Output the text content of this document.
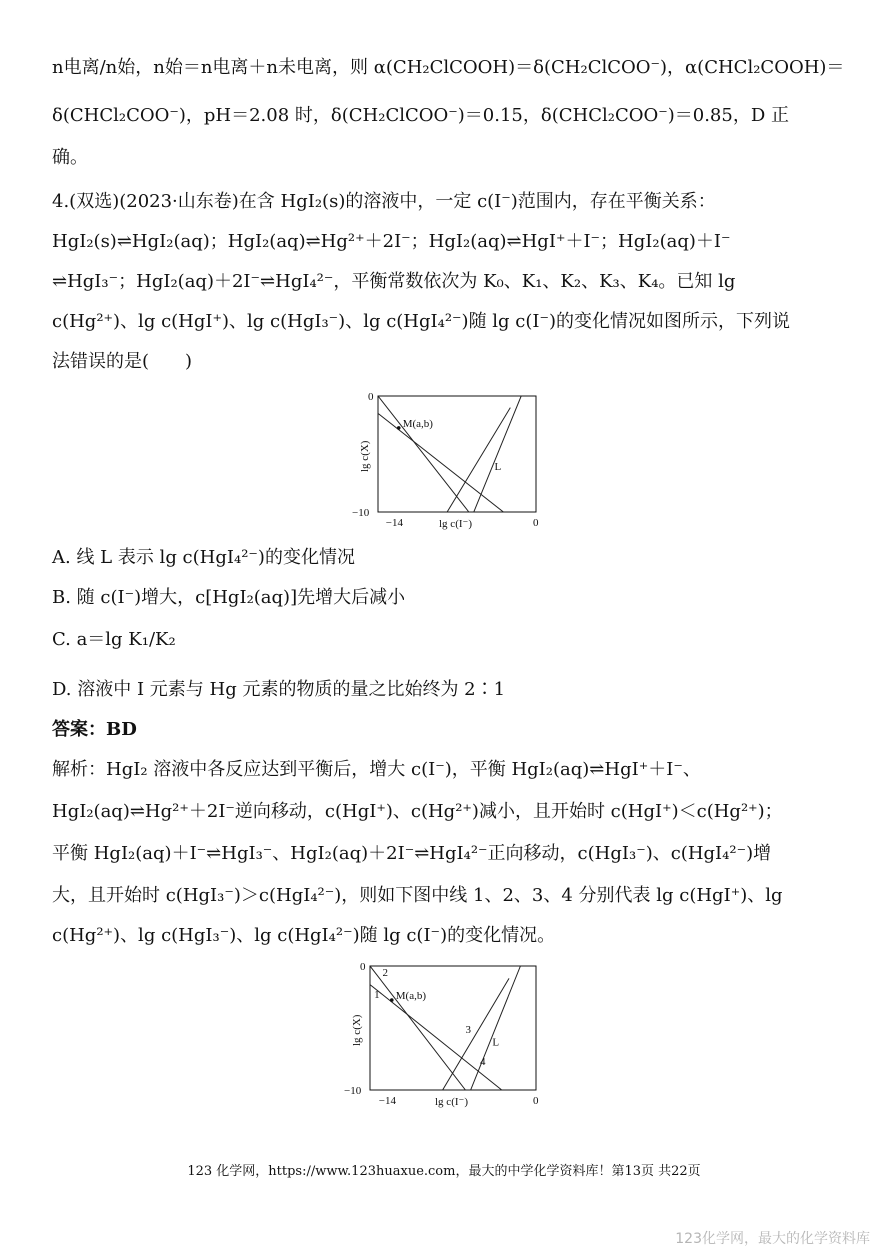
n电离/n始，n始＝n电离＋n未电离，则 α(CH₂ClCOOH)＝δ(CH₂ClCOO⁻)，α(CHCl₂COOH)＝
δ(CHCl₂COO⁻)，pH＝2.08 时，δ(CH₂ClCOO⁻)＝0.15，δ(CHCl₂COO⁻)＝0.85，D 正
确。
4.(双选)(2023·山东卷)在含 HgI₂(s)的溶液中，一定 c(I⁻)范围内，存在平衡关系：
HgI₂(s)⇌HgI₂(aq)；HgI₂(aq)⇌Hg²⁺＋2I⁻；HgI₂(aq)⇌HgI⁺＋I⁻；HgI₂(aq)＋I⁻
⇌HgI₃⁻；HgI₂(aq)＋2I⁻⇌HgI₄²⁻，平衡常数依次为 K₀、K₁、K₂、K₃、K₄。已知 lg
c(Hg²⁺)、lg c(HgI⁺)、lg c(HgI₃⁻)、lg c(HgI₄²⁻)随 lg c(I⁻)的变化情况如图所示，下列说
法错误的是(　　)
M(a,b)
L
0
−10
−14	0
lg c(I⁻)
lg c(X)
A. 线 L 表示 lg c(HgI₄²⁻)的变化情况
B. 随 c(I⁻)增大，c[HgI₂(aq)]先增大后减小
C. a＝lg K₁/K₂
D. 溶液中 I 元素与 Hg 元素的物质的量之比始终为 2∶1
答案：BD
解析：HgI₂ 溶液中各反应达到平衡后，增大 c(I⁻)，平衡 HgI₂(aq)⇌HgI⁺＋I⁻、
HgI₂(aq)⇌Hg²⁺＋2I⁻逆向移动，c(HgI⁺)、c(Hg²⁺)减小，且开始时 c(HgI⁺)＜c(Hg²⁺)；
平衡 HgI₂(aq)＋I⁻⇌HgI₃⁻、HgI₂(aq)＋2I⁻⇌HgI₄²⁻正向移动，c(HgI₃⁻)、c(HgI₄²⁻)增
大，且开始时 c(HgI₃⁻)＞c(HgI₄²⁻)，则如下图中线 1、2、3、4 分别代表 lg c(HgI⁺)、lg
c(Hg²⁺)、lg c(HgI₃⁻)、lg c(HgI₄²⁻)随 lg c(I⁻)的变化情况。
M(a,b)
L
0
−10
−14	0
lg c(I⁻)
lg c(X)
1
2
3
4
123 化学网，https://www.123huaxue.com，最大的中学化学资料库！第13页 共22页
123化学网，最大的化学资料库
